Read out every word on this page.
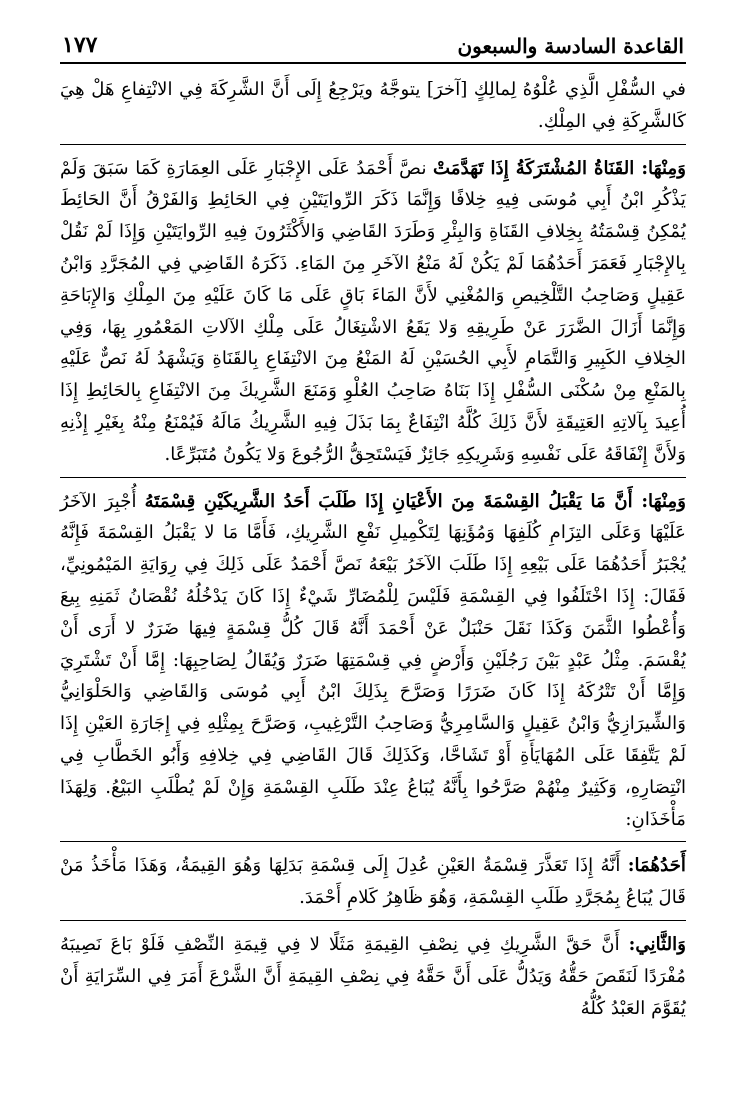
القاعدة السادسة والسبعون
١٧٧

في السُّفْلِ الَّذِي عُلْوُهُ لِمالِكٍ [آخرَ] يتوجَّهُ ويَرْجِعُ إِلَى أَنَّ الشَّرِكَةَ فِي الانْتِفاعِ هَلْ هِيَ كَالشَّرِكَةِ فِي المِلْكِ.

وَمِنْهَا: القَنَاةُ المُشْتَرَكَةُ إِذَا تَهَدَّمَتْ نصَّ أَحْمَدُ عَلَى الإِجْبَارِ عَلَى العِمَارَةِ كَمَا سَبَقَ وَلَمْ يَذْكُرِ ابْنُ أَبِي مُوسَى فِيهِ خِلافًا وَإِنَّمَا ذَكَرَ الرِّوايَتَيْنِ فِي الحَائِطِ وَالفَرْقُ أَنَّ الحَائِطَ يُمْكِنُ قِسْمَتُهُ بِخِلافِ القَنَاةِ وَالبِئْرِ وَطَرَدَ القَاضِي وَالأَكْثَرُونَ فِيهِ الرِّوايَتَيْنِ وَإِذَا لَمْ نَقُلْ بِالإِجْبَارِ فَعَمَرَ أَحَدُهُمَا لَمْ يَكُنْ لَهُ مَنْعُ الآخَرِ مِنَ المَاءِ. ذَكَرَهُ القَاضِي فِي المُجَرَّدِ وَابْنُ عَقِيلٍ وَصَاحِبُ التَّلْخِيصِ وَالمُغْنِي لأَنَّ المَاءَ بَاقٍ عَلَى مَا كَانَ عَلَيْهِ مِنَ المِلْكِ وَالإِبَاحَةِ وَإِنَّمَا أَزَالَ الضَّرَرَ عَنْ طَرِيقِهِ وَلا يَقَعُ الاشْتِغَالُ عَلَى مِلْكِ الآلاتِ المَعْمُورِ بِهَا، وَفِي الخِلافِ الكَبِيرِ وَالتَّمَامِ لأَبِي الحُسَيْنِ لَهُ المَنْعُ مِنَ الانْتِفَاعِ بِالقَنَاةِ وَيَشْهَدُ لَهُ نَصٌّ عَلَيْهِ بِالمَنْعِ مِنْ سُكْنَى السُّفْلِ إِذَا بَنَاهُ صَاحِبُ العُلْوِ وَمَنَعَ الشَّرِيكَ مِنَ الانْتِفَاعِ بِالحَائِطِ إِذَا أُعِيدَ بِآلاتِهِ العَتِيقَةِ لأَنَّ ذَلِكَ كُلَّهُ انْتِفَاعٌ بِمَا بَذَلَ فِيهِ الشَّرِيكُ مَالَهُ فَيُمْنَعُ مِنْهُ بِغَيْرِ إِذْنِهِ وَلأَنَّ إِنْفَاقَهُ عَلَى نَفْسِهِ وَشَرِيكِهِ جَائِزٌ فَيَسْتَحِقُّ الرُّجُوعَ وَلا يَكُونُ مُتَبَرِّعًا.

وَمِنْهَا: أَنَّ مَا يَقْبَلُ القِسْمَةَ مِنَ الأَعْيَانِ إِذَا طَلَبَ أَحَدُ الشَّرِيكَيْنِ قِسْمَتَهُ أُجْبِرَ الآخَرُ عَلَيْهَا وَعَلَى التِزَامِ كُلَفِهَا وَمُؤَنِهَا لِتَكْمِيلِ نَفْعِ الشَّرِيكِ، فَأَمَّا مَا لا يَقْبَلُ القِسْمَةَ فَإِنَّهُ يُجْبَرُ أَحَدُهُمَا عَلَى بَيْعِهِ إِذَا طَلَبَ الآخَرُ بَيْعَهُ نَصَّ أَحْمَدُ عَلَى ذَلِكَ فِي رِوَايَةِ المَيْمُونِيِّ، فَقَالَ: إِذَا اخْتَلَفُوا فِي القِسْمَةِ فَلَيْسَ لِلْمُضَارِّ شَيْءٌ إِذَا كَانَ يَدْخُلُهُ نُقْصَانُ ثَمَنِهِ بِيعَ وَأُعْطُوا الثَّمَنَ وَكَذَا نَقَلَ حَنْبَلٌ عَنْ أَحْمَدَ أَنَّهُ قَالَ كُلُّ قِسْمَةٍ فِيهَا ضَرَرٌ لا أَرَى أَنْ يُقْسَمَ. مِثْلُ عَبْدٍ بَيْنَ رَجُلَيْنِ وَأَرْضٍ فِي قِسْمَتِهَا ضَرَرٌ وَيُقَالُ لِصَاحِبِهَا: إِمَّا أَنْ تَشْتَرِيَ وَإِمَّا أَنْ تَتْرُكَهُ إِذَا كَانَ ضَرَرًا وَصَرَّحَ بِذَلِكَ ابْنُ أَبِي مُوسَى وَالقَاضِي وَالحَلْوَانِيُّ وَالشِّيرَازِيُّ وَابْنُ عَقِيلٍ وَالسَّامِرِيُّ وَصَاحِبُ التَّرْغِيبِ، وَصَرَّحَ بِمِثْلِهِ فِي إِجَارَةِ العَيْنِ إِذَا لَمْ يَتَّفِقَا عَلَى المُهَايَأَةِ أَوْ تَشَاحَّا، وَكَذَلِكَ قَالَ القَاضِي فِي خِلافِهِ وَأَبُو الخَطَّابِ فِي انْتِصَارِهِ، وَكَثِيرٌ مِنْهُمْ صَرَّحُوا بِأَنَّهُ يُبَاعُ عِنْدَ طَلَبِ القِسْمَةِ وَإِنْ لَمْ يُطْلَبِ البَيْعُ. وَلِهَذَا مَأْخَذَانِ:

أَحَدُهُمَا: أَنَّهُ إِذَا تَعَذَّرَ قِسْمَةُ العَيْنِ عُدِلَ إِلَى قِسْمَةِ بَدَلِهَا وَهُوَ القِيمَةُ، وَهَذَا مَأْخَذُ مَنْ قَالَ يُبَاعُ بِمُجَرَّدِ طَلَبِ القِسْمَةِ، وَهُوَ ظَاهِرُ كَلامِ أَحْمَدَ.

وَالثَّانِي: أَنَّ حَقَّ الشَّرِيكِ فِي نِصْفِ القِيمَةِ مَثَلًا لا فِي قِيمَةِ النِّصْفِ فَلَوْ بَاعَ نَصِيبَهُ مُفْرَدًا لَنَقَصَ حَقُّهُ وَيَدُلُّ عَلَى أَنَّ حَقَّهُ فِي نِصْفِ القِيمَةِ أَنَّ الشَّرْعَ أَمَرَ فِي السِّرَايَةِ أَنْ يُقَوَّمَ العَبْدُ كُلُّهُ
